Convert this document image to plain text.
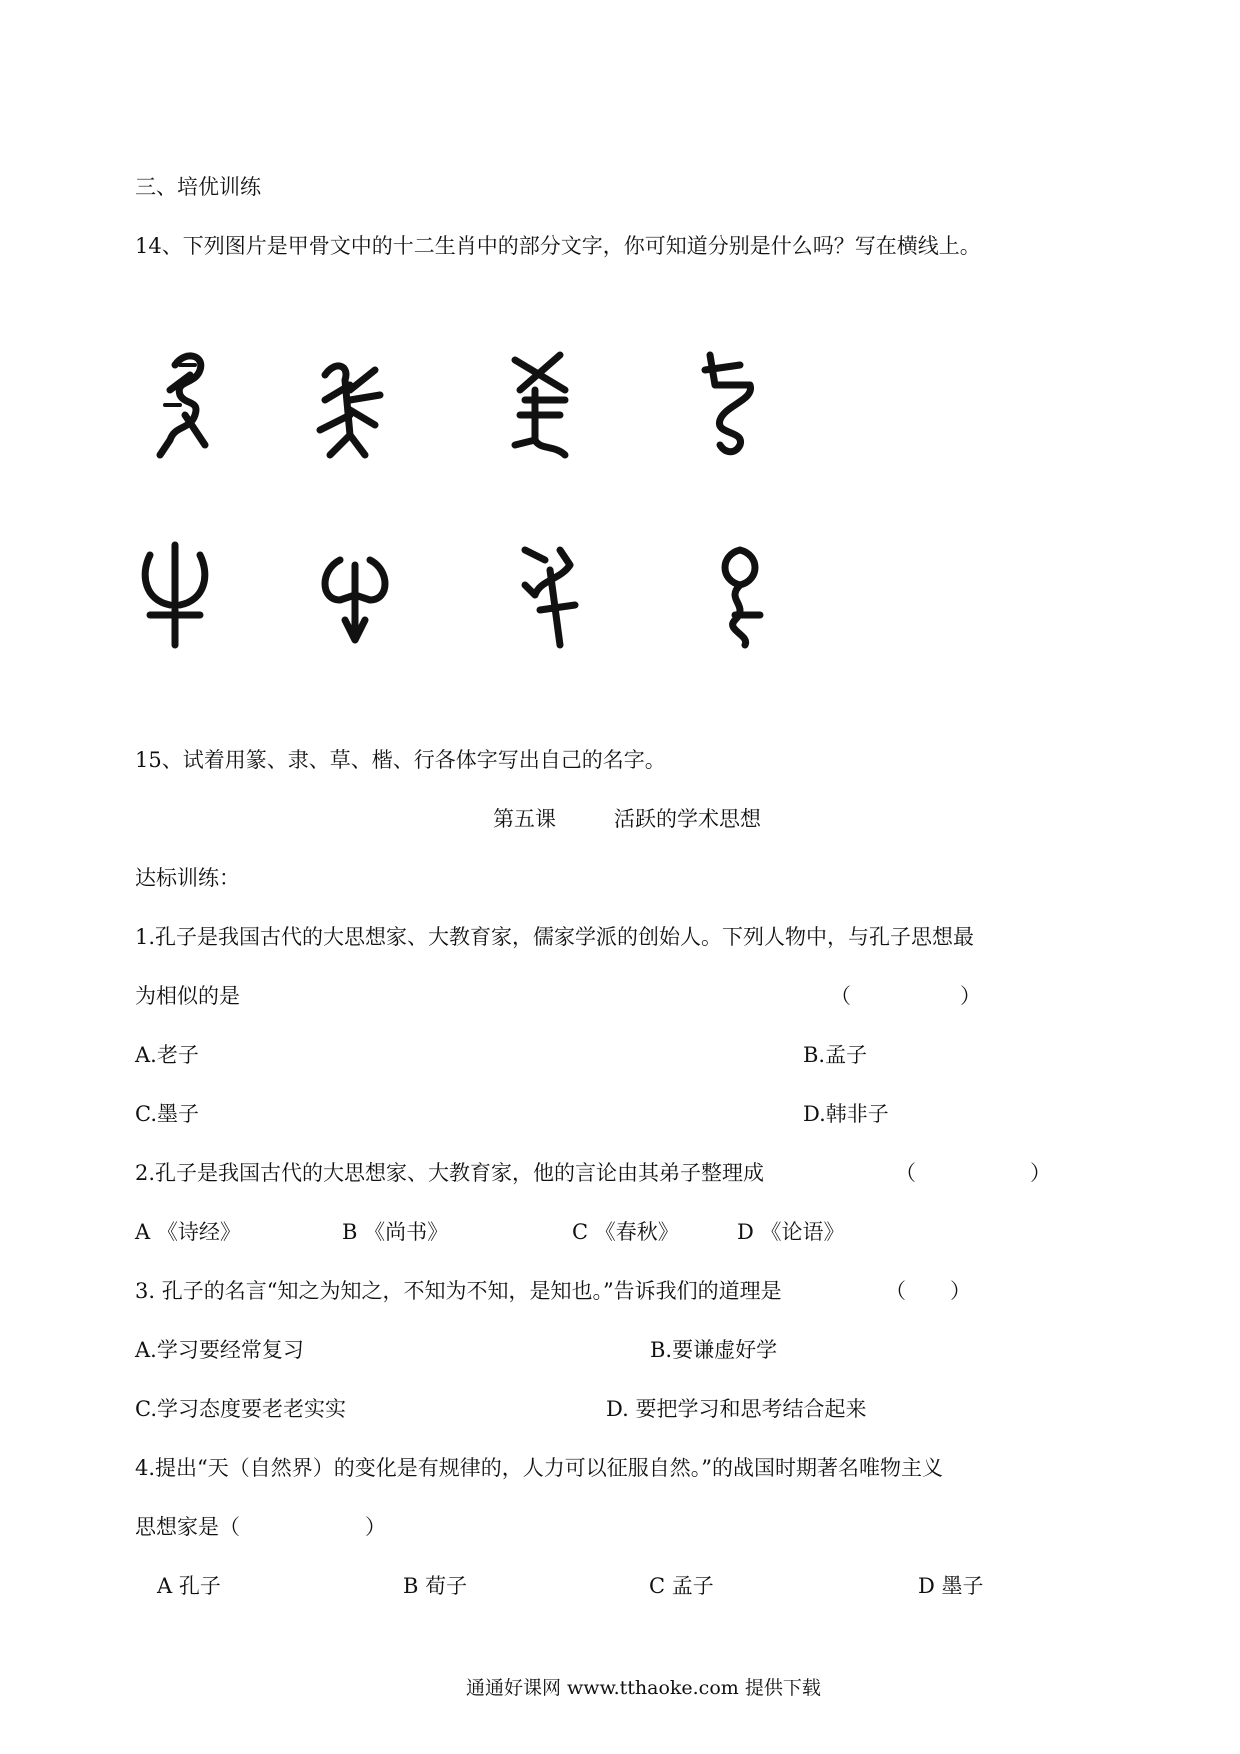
三、培优训练
14、下列图片是甲骨文中的十二生肖中的部分文字，你可知道分别是什么吗？写在横线上。
15、试着用篆、隶、草、楷、行各体字写出自己的名字。
第五课	活跃的学术思想
达标训练：
1.孔子是我国古代的大思想家、大教育家，儒家学派的创始人。下列人物中，与孔子思想最
为相似的是	（	）
A.老子	B.孟子
C.墨子	D.韩非子
2.孔子是我国古代的大思想家、大教育家，他的言论由其弟子整理成	（	）
A 《诗经》	B 《尚书》	C 《春秋》	D 《论语》
3. 孔子的名言“知之为知之，不知为不知，是知也。”告诉我们的道理是	（ ）
A.学习要经常复习	B.要谦虚好学
C.学习态度要老老实实	D. 要把学习和思考结合起来
4.提出“天（自然界）的变化是有规律的，人力可以征服自然。”的战国时期著名唯物主义
思想家是（	）
A 孔子	B 荀子	C 孟子	D 墨子
通通好课网 www.tthaoke.com 提供下载
